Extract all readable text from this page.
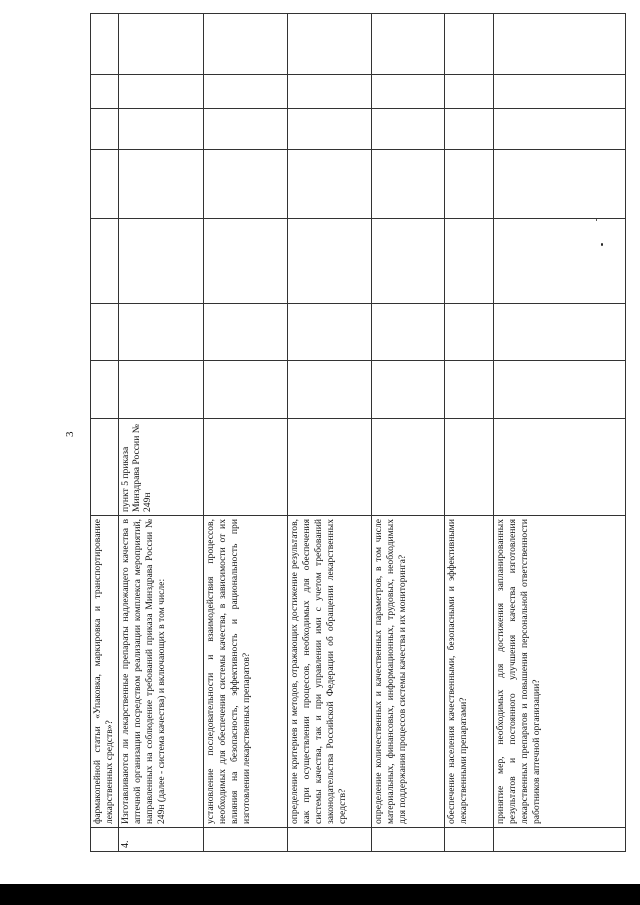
3
	фармакопейной статьи «Упаковка, маркировка и транспортирование лекарственных средств»?								
4.	Изготавливаются ли лекарственные препараты надлежащего качества в аптечной организации посредством реализации комплекса мероприятий, направленных на соблюдение требований приказа Минздрава России № 249н (далее - система качества) и включающих в том числе:	пункт 5 приказа Минздрава России № 249н							
	установление последовательности и взаимодействия процессов, необходимых для обеспечения системы качества, в зависимости от их влияния на безопасность, эффективность и рациональность при изготовлении лекарственных препаратов?								
	определение критериев и методов, отражающих достижение результатов, как при осуществлении процессов, необходимых для обеспечения системы качества, так и при управлении ими с учетом требований законодательства Российской Федерации об обращении лекарственных средств?								
	определение количественных и качественных параметров, в том числе материальных, финансовых, информационных, трудовых, необходимых для поддержания процессов системы качества и их мониторинга?								
	обеспечение населения качественными, безопасными и эффективными лекарственными препаратами?								
	принятие мер, необходимых для достижения запланированных результатов и постоянного улучшения качества изготовления лекарственных препаратов и повышения персональной ответственности работников аптечной организации?								
